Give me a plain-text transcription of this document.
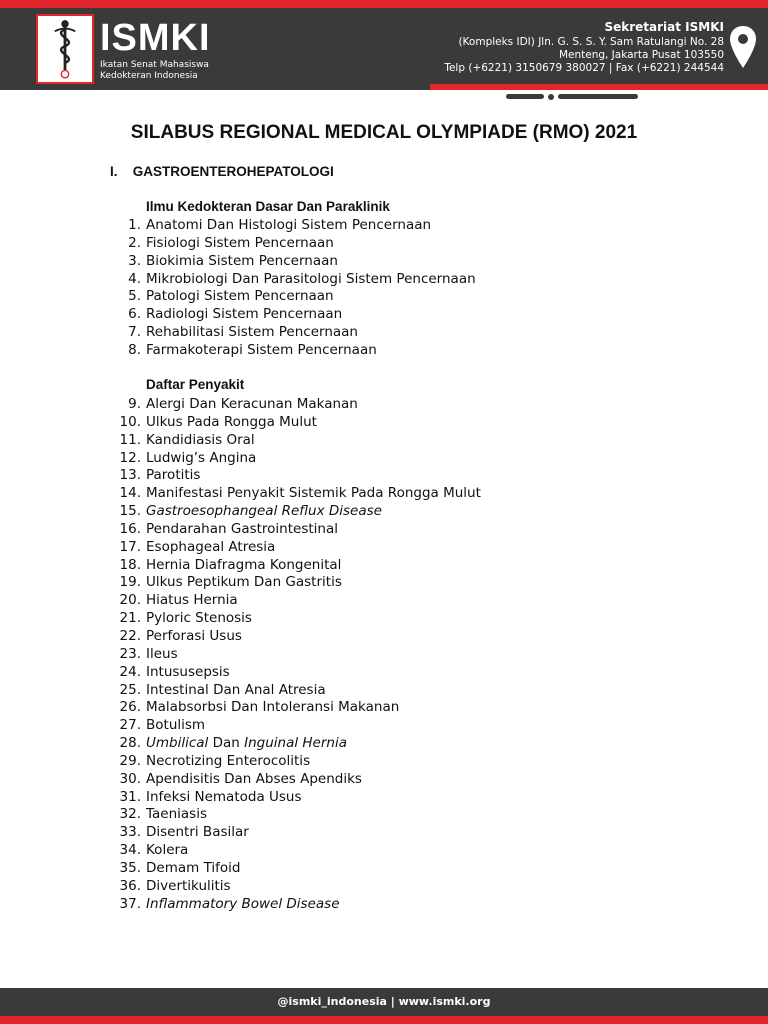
ISMKI
Ikatan Senat Mahasiswa
Kedokteran Indonesia
Sekretariat ISMKI
(Kompleks IDI) Jln. G. S. S. Y. Sam Ratulangi No. 28
Menteng, Jakarta Pusat 103550
Telp (+6221) 3150679 380027 | Fax (+6221) 244544
SILABUS REGIONAL MEDICAL OLYMPIADE (RMO) 2021
I. GASTROENTEROHEPATOLOGI
Ilmu Kedokteran Dasar Dan Paraklinik
1. Anatomi Dan Histologi Sistem Pencernaan
2. Fisiologi Sistem Pencernaan
3. Biokimia Sistem Pencernaan
4. Mikrobiologi Dan Parasitologi Sistem Pencernaan
5. Patologi Sistem Pencernaan
6. Radiologi Sistem Pencernaan
7. Rehabilitasi Sistem Pencernaan
8. Farmakoterapi Sistem Pencernaan
Daftar Penyakit
9. Alergi Dan Keracunan Makanan
10. Ulkus Pada Rongga Mulut
11. Kandidiasis Oral
12. Ludwig’s Angina
13. Parotitis
14. Manifestasi Penyakit Sistemik Pada Rongga Mulut
15. Gastroesophangeal Reflux Disease
16. Pendarahan Gastrointestinal
17. Esophageal Atresia
18. Hernia Diafragma Kongenital
19. Ulkus Peptikum Dan Gastritis
20. Hiatus Hernia
21. Pyloric Stenosis
22. Perforasi Usus
23. Ileus
24. Intususepsis
25. Intestinal Dan Anal Atresia
26. Malabsorbsi Dan Intoleransi Makanan
27. Botulism
28. Umbilical Dan Inguinal Hernia
29. Necrotizing Enterocolitis
30. Apendisitis Dan Abses Apendiks
31. Infeksi Nematoda Usus
32. Taeniasis
33. Disentri Basilar
34. Kolera
35. Demam Tifoid
36. Divertikulitis
37. Inflammatory Bowel Disease
@ismki_indonesia | www.ismki.org
